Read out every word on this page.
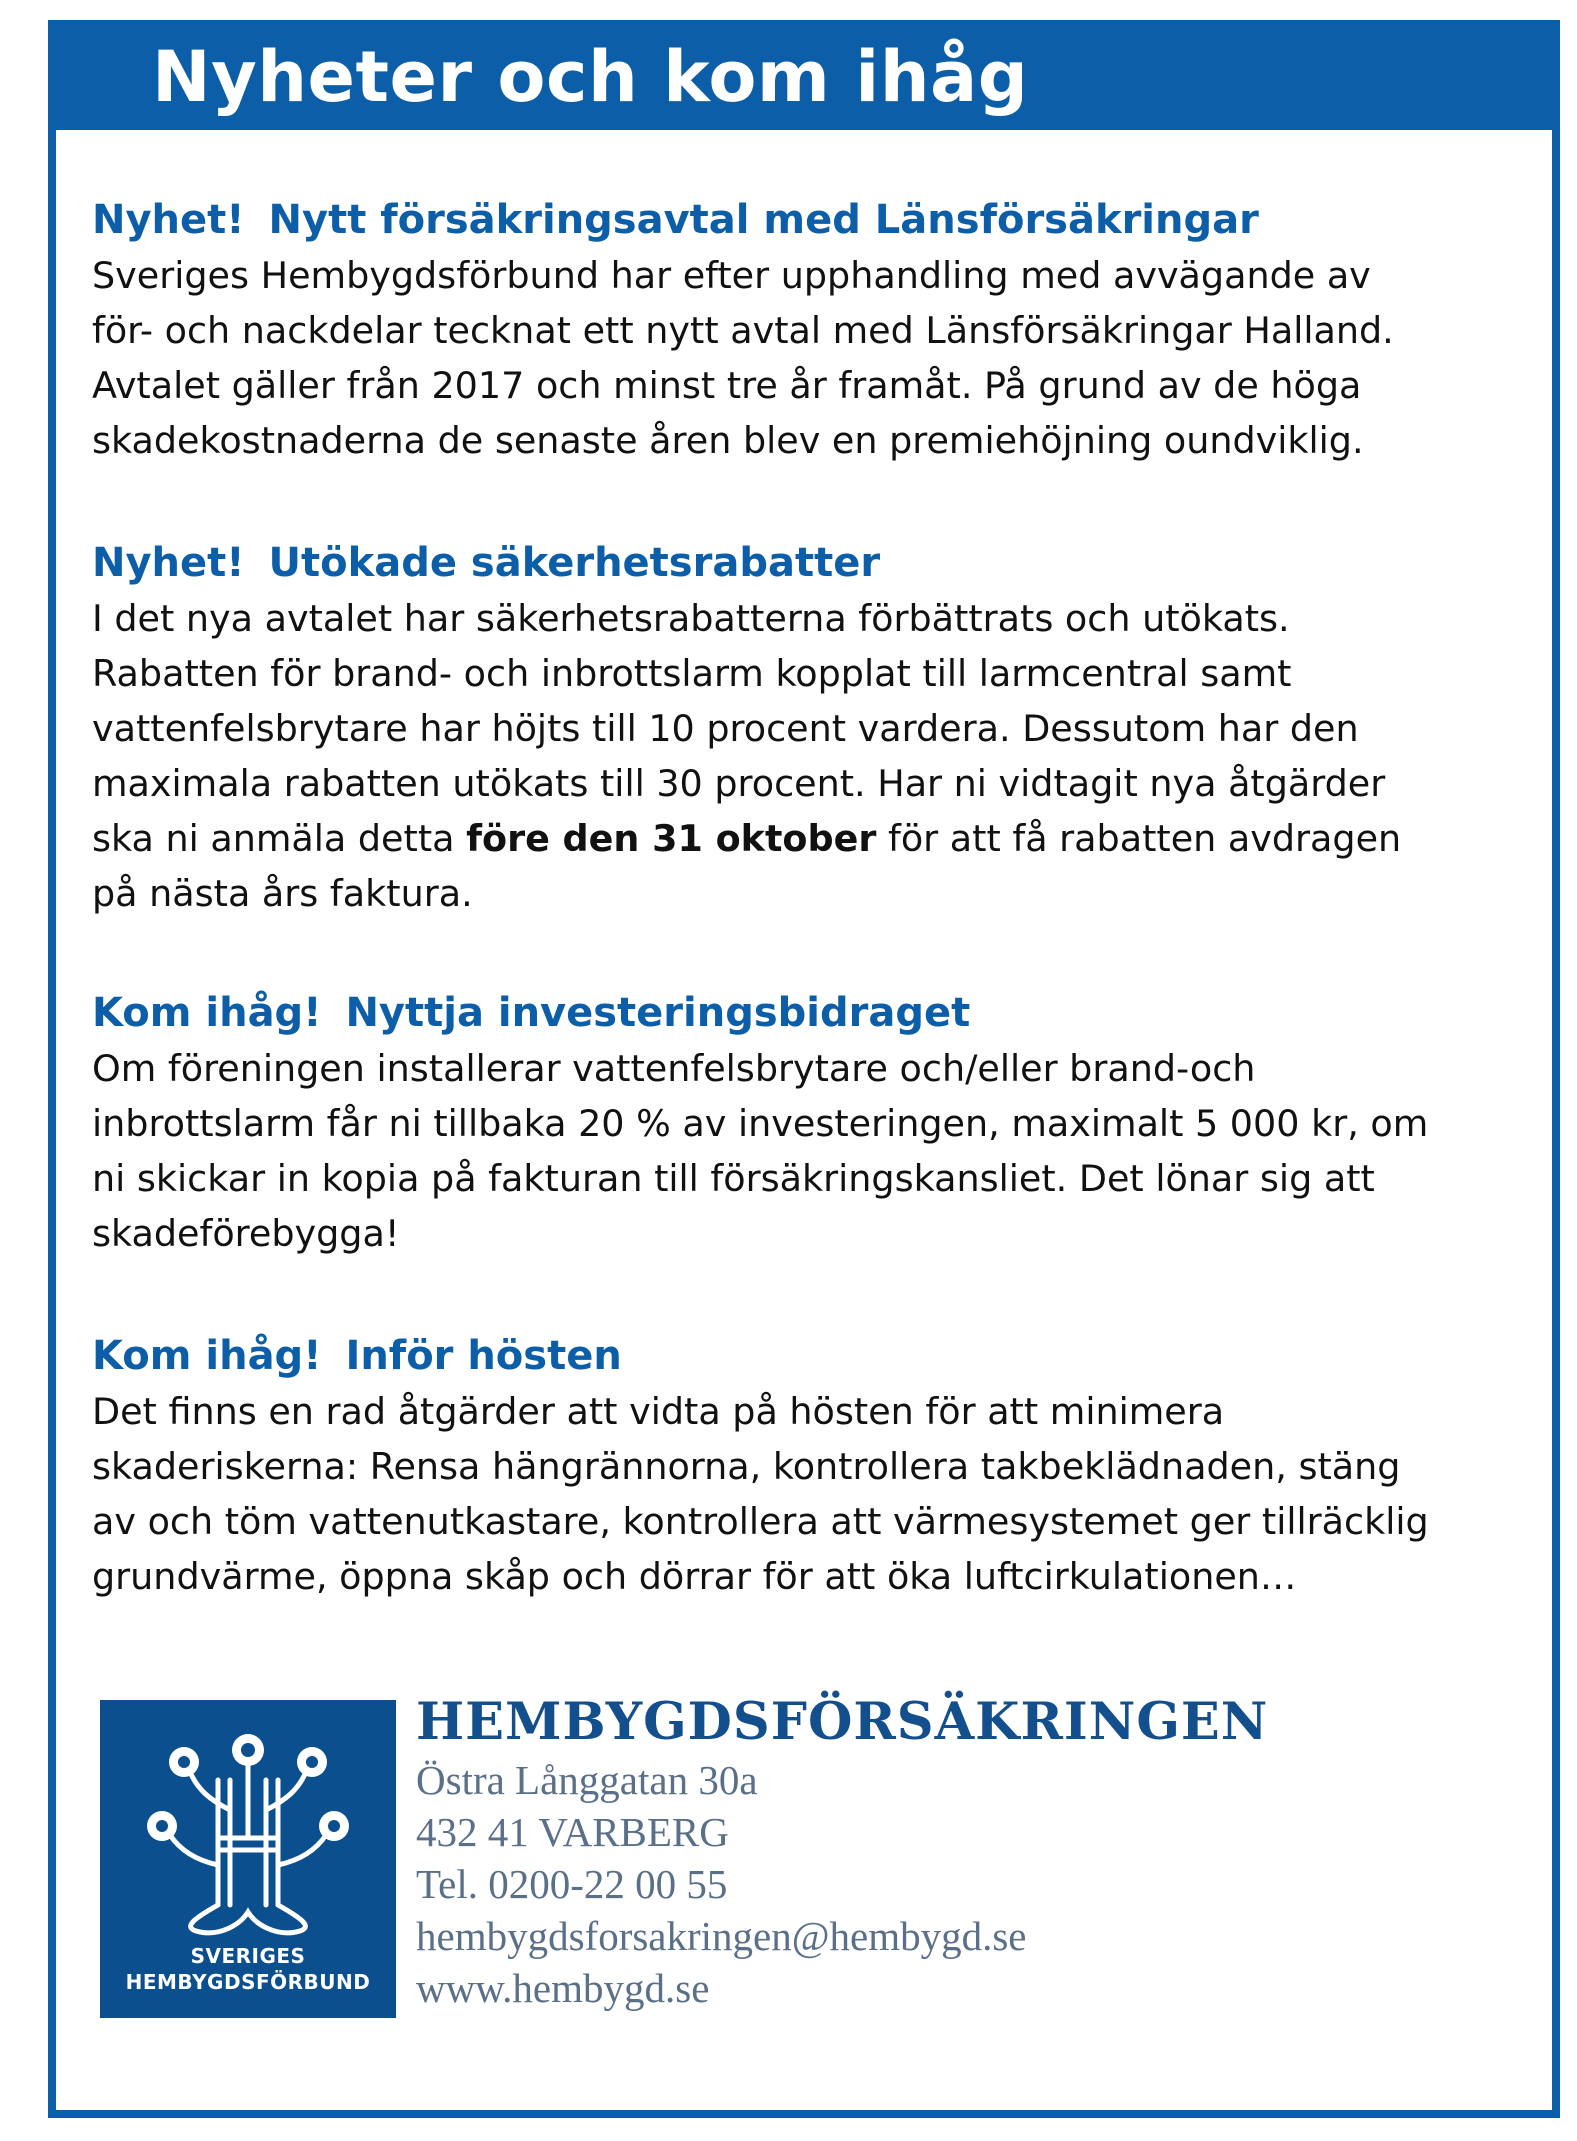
Nyheter och kom ihåg
Nyhet! Nytt försäkringsavtal med Länsförsäkringar
Sveriges Hembygdsförbund har efter upphandling med avvägande av
för- och nackdelar tecknat ett nytt avtal med Länsförsäkringar Halland.
Avtalet gäller från 2017 och minst tre år framåt. På grund av de höga
skadekostnaderna de senaste åren blev en premiehöjning oundviklig.
Nyhet! Utökade säkerhetsrabatter
I det nya avtalet har säkerhetsrabatterna förbättrats och utökats.
Rabatten för brand- och inbrottslarm kopplat till larmcentral samt
vattenfelsbrytare har höjts till 10 procent vardera. Dessutom har den
maximala rabatten utökats till 30 procent. Har ni vidtagit nya åtgärder
ska ni anmäla detta före den 31 oktober för att få rabatten avdragen
på nästa års faktura.
Kom ihåg! Nyttja investeringsbidraget
Om föreningen installerar vattenfelsbrytare och/eller brand-och
inbrottslarm får ni tillbaka 20 % av investeringen, maximalt 5 000 kr, om
ni skickar in kopia på fakturan till försäkringskansliet. Det lönar sig att
skadeförebygga!
Kom ihåg! Inför hösten
Det finns en rad åtgärder att vidta på hösten för att minimera
skaderiskerna: Rensa hängrännorna, kontrollera takbeklädnaden, stäng
av och töm vattenutkastare, kontrollera att värmesystemet ger tillräcklig
grundvärme, öppna skåp och dörrar för att öka luftcirkulationen…
SVERIGES
HEMBYGDSFÖRBUND
HEMBYGDSFÖRSÄKRINGEN
Östra Långgatan 30a
432 41 VARBERG
Tel. 0200-22 00 55
hembygdsforsakringen@hembygd.se
www.hembygd.se
